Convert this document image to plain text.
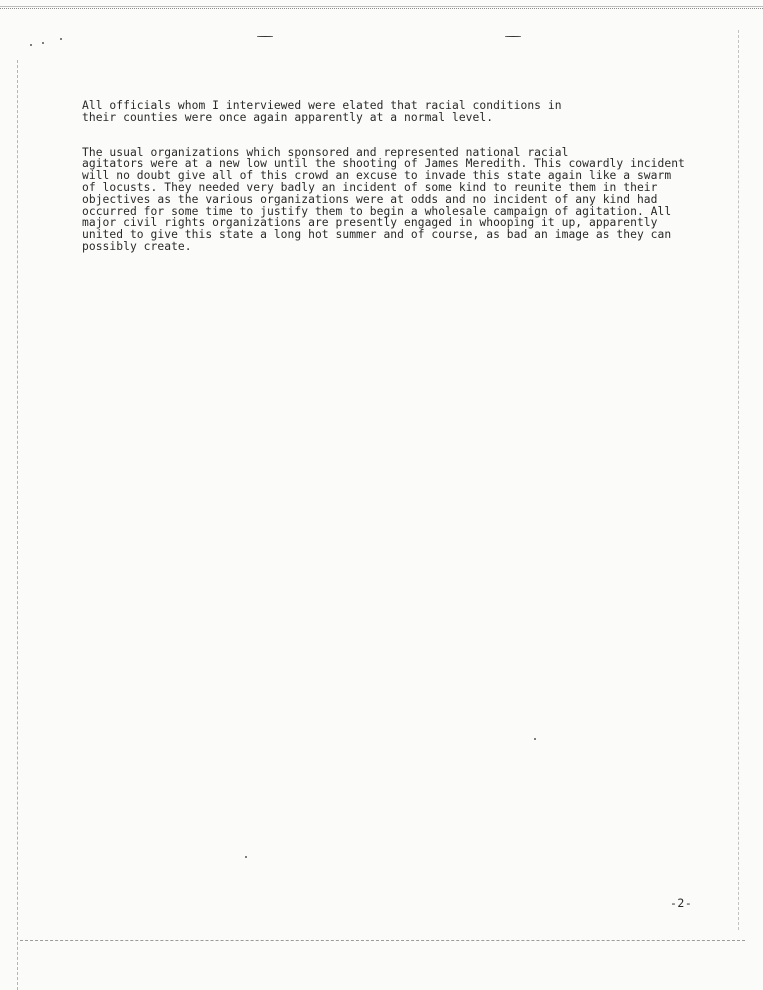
All officials whom I interviewed were elated that racial conditions in
their counties were once again apparently at a normal level.

The usual organizations which sponsored and represented national racial
agitators were at a new low until the shooting of James Meredith. This cowardly incident
will no doubt give all of this crowd an excuse to invade this state again like a swarm
of locusts. They needed very badly an incident of some kind to reunite them in their
objectives as the various organizations were at odds and no incident of any kind had
occurred for some time to justify them to begin a wholesale campaign of agitation. All
major civil rights organizations are presently engaged in whooping it up, apparently
united to give this state a long hot summer and of course, as bad an image as they can
possibly create.

-2-
